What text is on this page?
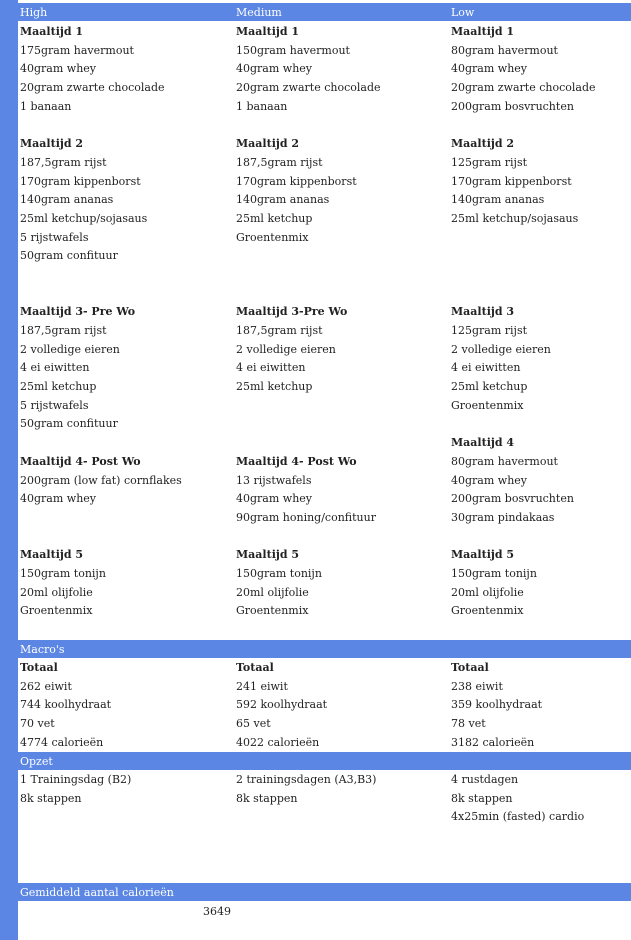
High	Medium	Low
Maaltijd 1
175gram havermout
40gram whey
20gram zwarte chocolade
1 banaan
Maaltijd 2
187,5gram rijst
170gram kippenborst
140gram ananas
25ml ketchup/sojasaus
5 rijstwafels
50gram confituur
Maaltijd 3- Pre Wo
187,5gram rijst
2 volledige eieren
4 ei eiwitten
25ml ketchup
5 rijstwafels
50gram confituur
Maaltijd 4- Post Wo
200gram (low fat) cornflakes
40gram whey
Maaltijd 5
150gram tonijn
20ml olijfolie
Groentenmix
Maaltijd 1
150gram havermout
40gram whey
20gram zwarte chocolade
1 banaan
Maaltijd 2
187,5gram rijst
170gram kippenborst
140gram ananas
25ml ketchup
Groentenmix
Maaltijd 3-Pre Wo
187,5gram rijst
2 volledige eieren
4 ei eiwitten
25ml ketchup
Maaltijd 4- Post Wo
13 rijstwafels
40gram whey
90gram honing/confituur
Maaltijd 5
150gram tonijn
20ml olijfolie
Groentenmix
Maaltijd 1
80gram havermout
40gram whey
20gram zwarte chocolade
200gram bosvruchten
Maaltijd 2
125gram rijst
170gram kippenborst
140gram ananas
25ml ketchup/sojasaus
Maaltijd 3
125gram rijst
2 volledige eieren
4 ei eiwitten
25ml ketchup
Groentenmix
Maaltijd 4
80gram havermout
40gram whey
200gram bosvruchten
30gram pindakaas
Maaltijd 5
150gram tonijn
20ml olijfolie
Groentenmix
Macro's
Totaal
262 eiwit
744 koolhydraat
70 vet
4774 calorieën
Totaal
241 eiwit
592 koolhydraat
65 vet
4022 calorieën
Totaal
238 eiwit
359 koolhydraat
78 vet
3182 calorieën
Opzet
1 Trainingsdag (B2)
8k stappen
2 trainingsdagen (A3,B3)
8k stappen
4 rustdagen
8k stappen
4x25min (fasted) cardio
Gemiddeld aantal calorieën
3649
